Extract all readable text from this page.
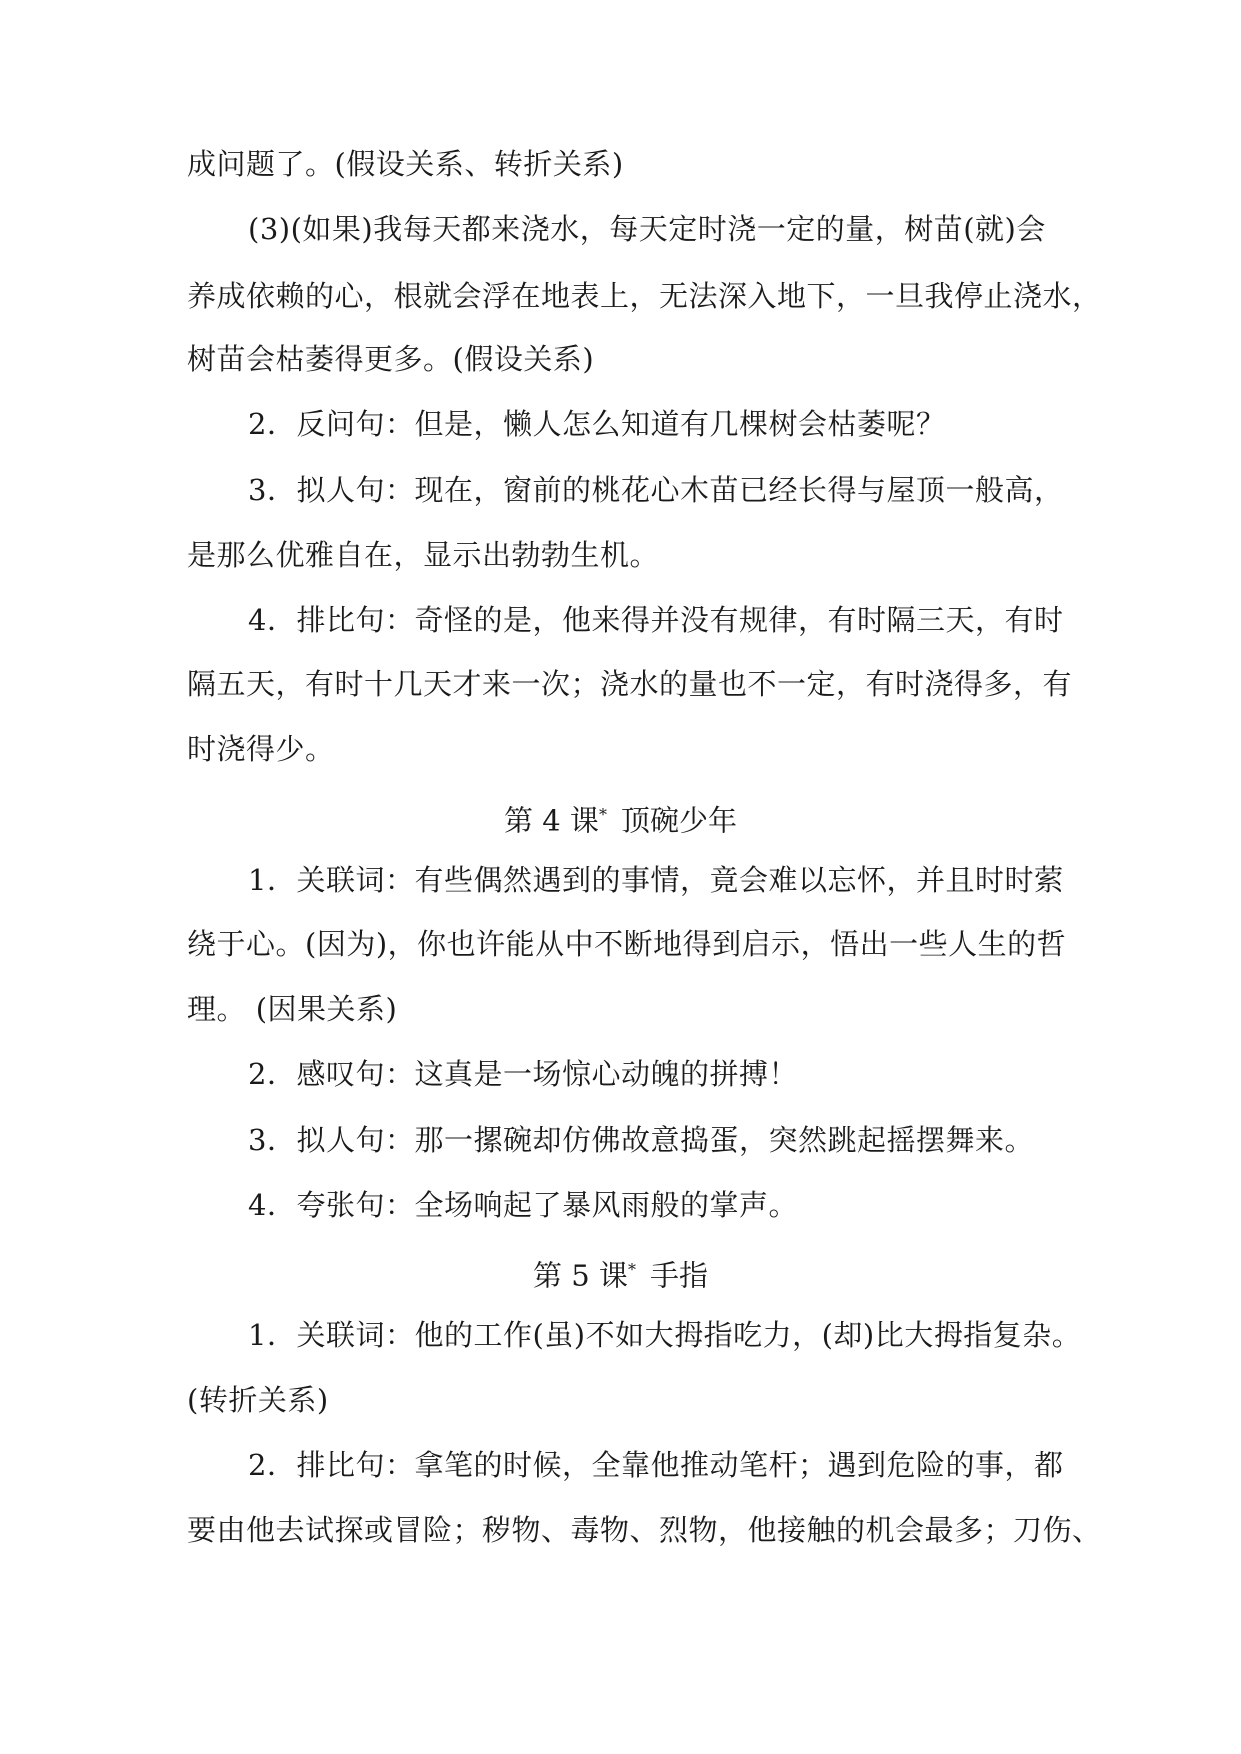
成问题了。(假设关系、转折关系)
(3)(如果)我每天都来浇水，每天定时浇一定的量，树苗(就)会
养成依赖的心，根就会浮在地表上，无法深入地下，一旦我停止浇水，
树苗会枯萎得更多。(假设关系)
2．反问句：但是，懒人怎么知道有几棵树会枯萎呢？
3．拟人句：现在，窗前的桃花心木苗已经长得与屋顶一般高，
是那么优雅自在，显示出勃勃生机。
4．排比句：奇怪的是，他来得并没有规律，有时隔三天，有时
隔五天，有时十几天才来一次；浇水的量也不一定，有时浇得多，有
时浇得少。
第 4 课* 顶碗少年
1．关联词：有些偶然遇到的事情，竟会难以忘怀，并且时时萦
绕于心。(因为)，你也许能从中不断地得到启示，悟出一些人生的哲
理。 (因果关系)
2．感叹句：这真是一场惊心动魄的拼搏！
3．拟人句：那一摞碗却仿佛故意捣蛋，突然跳起摇摆舞来。
4．夸张句：全场响起了暴风雨般的掌声。
第 5 课* 手指
1．关联词：他的工作(虽)不如大拇指吃力，(却)比大拇指复杂。
(转折关系)
2．排比句：拿笔的时候，全靠他推动笔杆；遇到危险的事，都
要由他去试探或冒险；秽物、毒物、烈物，他接触的机会最多；刀伤、
